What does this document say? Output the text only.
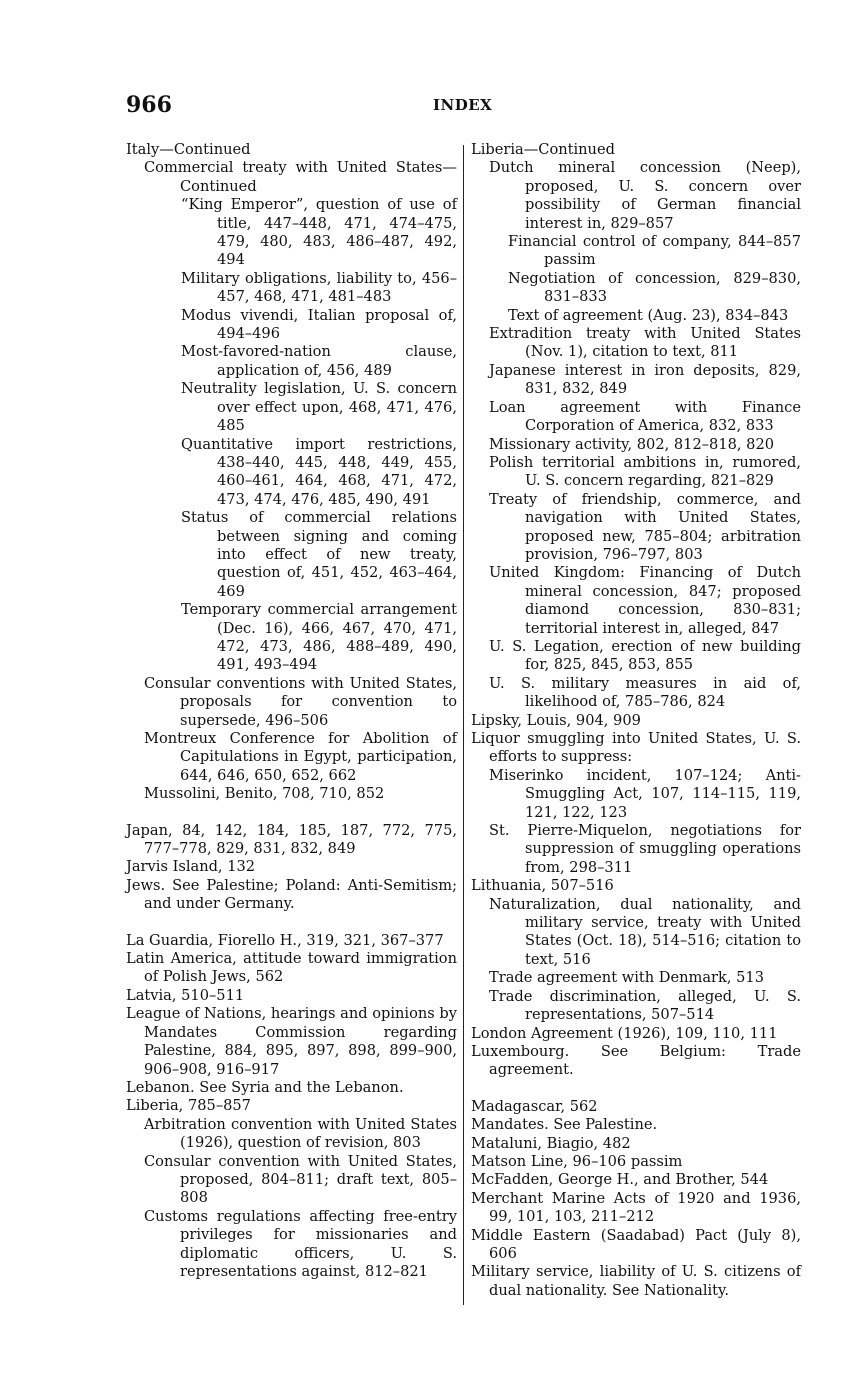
966	INDEX
Italy—Continued
Commercial treaty with United States—Continued
“King Emperor”, question of use of title, 447–448, 471, 474–475, 479, 480, 483, 486–487, 492, 494
Military obligations, liability to, 456–457, 468, 471, 481–483
Modus vivendi, Italian proposal of, 494–496
Most-favored-nation clause, application of, 456, 489
Neutrality legislation, U. S. concern over effect upon, 468, 471, 476, 485
Quantitative import restrictions, 438–440, 445, 448, 449, 455, 460–461, 464, 468, 471, 472, 473, 474, 476, 485, 490, 491
Status of commercial relations between signing and coming into effect of new treaty, question of, 451, 452, 463–464, 469
Temporary commercial arrangement (Dec. 16), 466, 467, 470, 471, 472, 473, 486, 488–489, 490, 491, 493–494
Consular conventions with United States, proposals for convention to supersede, 496–506
Montreux Conference for Abolition of Capitulations in Egypt, participation, 644, 646, 650, 652, 662
Mussolini, Benito, 708, 710, 852
Japan, 84, 142, 184, 185, 187, 772, 775, 777–778, 829, 831, 832, 849
Jarvis Island, 132
Jews. See Palestine; Poland: Anti-Semitism; and under Germany.
La Guardia, Fiorello H., 319, 321, 367–377
Latin America, attitude toward immigration of Polish Jews, 562
Latvia, 510–511
League of Nations, hearings and opinions by Mandates Commission regarding Palestine, 884, 895, 897, 898, 899–900, 906–908, 916–917
Lebanon. See Syria and the Lebanon.
Liberia, 785–857
Arbitration convention with United States (1926), question of revision, 803
Consular convention with United States, proposed, 804–811; draft text, 805–808
Customs regulations affecting free-entry privileges for missionaries and diplomatic officers, U. S. representations against, 812–821
Liberia—Continued
Dutch mineral concession (Neep), proposed, U. S. concern over possibility of German financial interest in, 829–857
Financial control of company, 844–857 passim
Negotiation of concession, 829–830, 831–833
Text of agreement (Aug. 23), 834–843
Extradition treaty with United States (Nov. 1), citation to text, 811
Japanese interest in iron deposits, 829, 831, 832, 849
Loan agreement with Finance Corporation of America, 832, 833
Missionary activity, 802, 812–818, 820
Polish territorial ambitions in, rumored, U. S. concern regarding, 821–829
Treaty of friendship, commerce, and navigation with United States, proposed new, 785–804; arbitration provision, 796–797, 803
United Kingdom: Financing of Dutch mineral concession, 847; proposed diamond concession, 830–831; territorial interest in, alleged, 847
U. S. Legation, erection of new building for, 825, 845, 853, 855
U. S. military measures in aid of, likelihood of, 785–786, 824
Lipsky, Louis, 904, 909
Liquor smuggling into United States, U. S. efforts to suppress:
Miserinko incident, 107–124; Anti-Smuggling Act, 107, 114–115, 119, 121, 122, 123
St. Pierre-Miquelon, negotiations for suppression of smuggling operations from, 298–311
Lithuania, 507–516
Naturalization, dual nationality, and military service, treaty with United States (Oct. 18), 514–516; citation to text, 516
Trade agreement with Denmark, 513
Trade discrimination, alleged, U. S. representations, 507–514
London Agreement (1926), 109, 110, 111
Luxembourg. See Belgium: Trade agreement.
Madagascar, 562
Mandates. See Palestine.
Mataluni, Biagio, 482
Matson Line, 96–106 passim
McFadden, George H., and Brother, 544
Merchant Marine Acts of 1920 and 1936, 99, 101, 103, 211–212
Middle Eastern (Saadabad) Pact (July 8), 606
Military service, liability of U. S. citizens of dual nationality. See Nationality.
